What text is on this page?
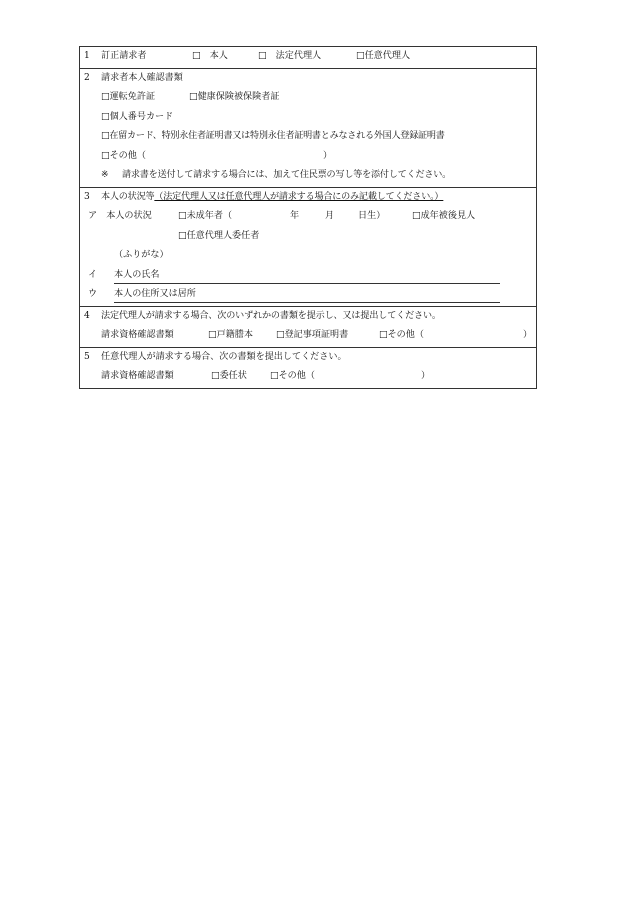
1 訂正請求者	□　本人	□　法定代理人	□任意代理人
2 請求者本人確認書類
□運転免許証	□健康保険被保険者証
□個人番号カード
□在留カード、特別永住者証明書又は特別永住者証明書とみなされる外国人登録証明書
□その他（	）
※ 請求書を送付して請求する場合には、加えて住民票の写し等を添付してください。
3 本人の状況等（法定代理人又は任意代理人が請求する場合にのみ記載してください。）
ア　本人の状況	□未成年者（	年	月	日生）	□成年被後見人
□任意代理人委任者
（ふりがな）
イ 本人の氏名
ウ 本人の住所又は居所
4 法定代理人が請求する場合、次のいずれかの書類を提示し、又は提出してください。
請求資格確認書類	□戸籍謄本	□登記事項証明書	□その他（	）
5 任意代理人が請求する場合、次の書類を提出してください。
請求資格確認書類	□委任状	□その他（	）
